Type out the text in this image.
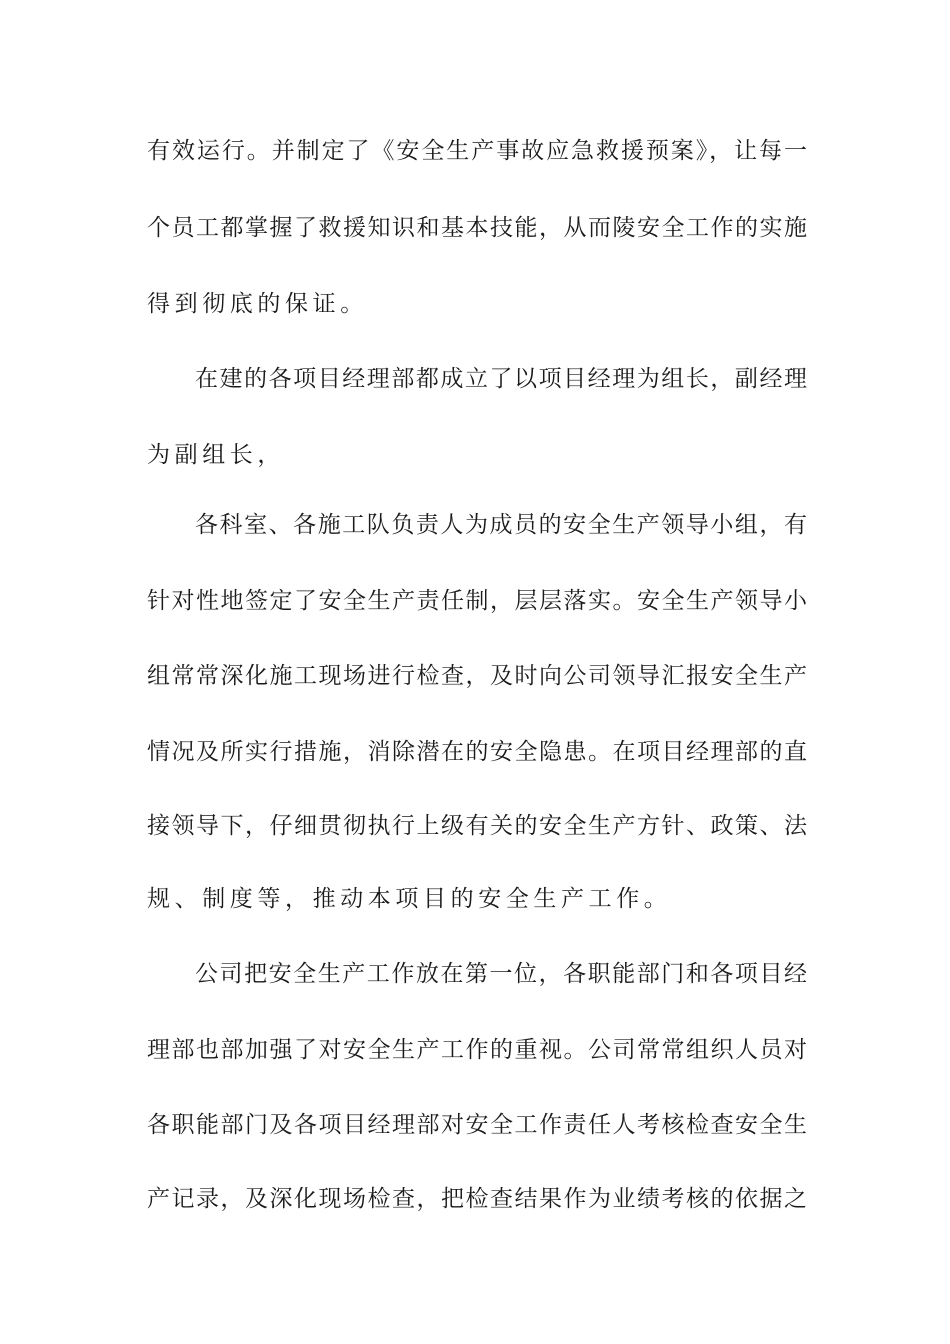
有效运行。并制定了《安全生产事故应急救援预案》，让每一
个员工都掌握了救援知识和基本技能，从而陵安全工作的实施
得到彻底的保证。
在建的各项目经理部都成立了以项目经理为组长，副经理
为副组长，
各科室、各施工队负责人为成员的安全生产领导小组，有
针对性地签定了安全生产责任制，层层落实。安全生产领导小
组常常深化施工现场进行检查，及时向公司领导汇报安全生产
情况及所实行措施，消除潜在的安全隐患。在项目经理部的直
接领导下，仔细贯彻执行上级有关的安全生产方针、政策、法
规、制度等，推动本项目的安全生产工作。
公司把安全生产工作放在第一位，各职能部门和各项目经
理部也部加强了对安全生产工作的重视。公司常常组织人员对
各职能部门及各项目经理部对安全工作责任人考核检查安全生
产记录，及深化现场检查，把检查结果作为业绩考核的依据之
